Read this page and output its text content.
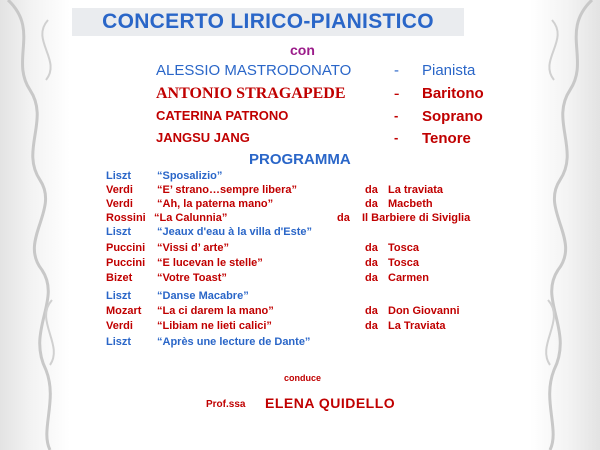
CONCERTO LIRICO-PIANISTICO
con
ALESSIO MASTRODONATO	- Pianista
ANTONIO STRAGAPEDE	- Baritono
CATERINA PATRONO	- Soprano
JANGSU JANG	- Tenore
PROGRAMMA
Liszt “Sposalizio”
Verdi “E’ strano…sempre libera”	da La traviata
Verdi “Ah, la paterna mano”	da Macbeth
Rossini “La Calunnia”	da Il Barbiere di Siviglia
Liszt “Jeaux d'eau à la villa d'Este”
Puccini “Vissi d’ arte”	da Tosca
Puccini “E lucevan le stelle”	da Tosca
Bizet “Votre Toast”	da Carmen
Liszt “Danse Macabre”
Mozart “La ci darem la mano”	da Don Giovanni
Verdi “Libiam ne lieti calici”	da La Traviata
Liszt “Après une lecture de Dante”
conduce
Prof.ssa ELENA QUIDELLO
